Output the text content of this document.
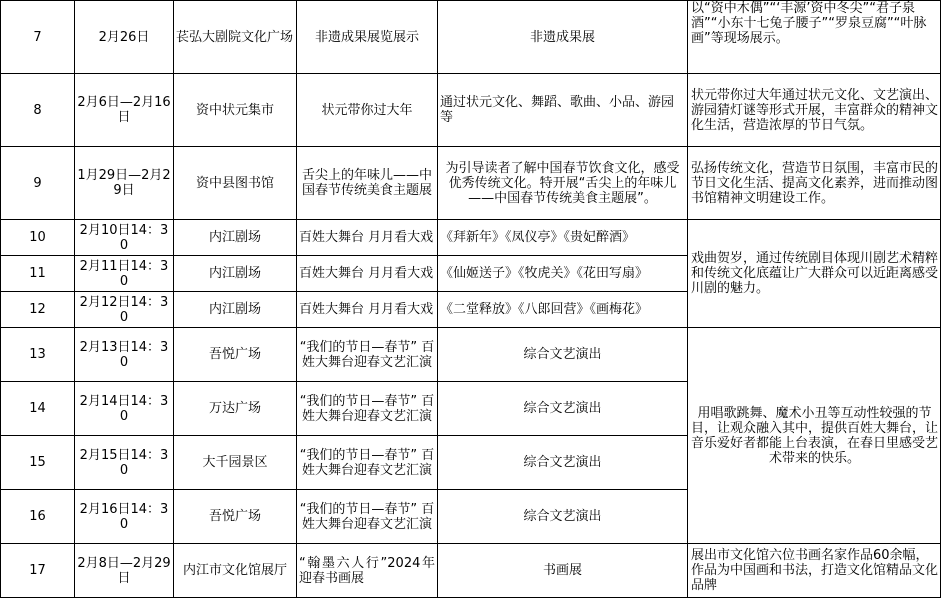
7	2月26日	苌弘大剧院文化广场	非遗成果展览展示	非遗成果展	以“资中木偶”“‘丰源’资中冬尖”“君子泉酒”“小东十七兔子腰子”“罗泉豆腐”“叶脉画”等现场展示。
8	2月6日—2月16日	资中状元集市	状元带你过大年	通过状元文化、舞蹈、歌曲、小品、游园等	状元带你过大年通过状元文化、文艺演出、游园猜灯谜等形式开展，丰富群众的精神文化生活，营造浓厚的节日气氛。
9	1月29日—2月29日	资中县图书馆	舌尖上的年味儿——中国春节传统美食主题展	为引导读者了解中国春节饮食文化，感受优秀传统文化。特开展“舌尖上的年味儿——中国春节传统美食主题展”。	弘扬传统文化，营造节日氛围，丰富市民的节日文化生活、提高文化素养，进而推动图书馆精神文明建设工作。
10	2月10日14：30	内江剧场	百姓大舞台 月月看大戏	《拜新年》《凤仪亭》《贵妃醉酒》	戏曲贺岁，通过传统剧目体现川剧艺术精粹和传统文化底蕴让广大群众可以近距离感受川剧的魅力。
11	2月11日14：30	内江剧场	百姓大舞台 月月看大戏	《仙姬送子》《牧虎关》《花田写扇》	
12	2月12日14：30	内江剧场	百姓大舞台 月月看大戏	《二堂释放》《八郎回营》《画梅花》	
13	2月13日14：30	吾悦广场	“我们的节日—春节” 百姓大舞台迎春文艺汇演	综合文艺演出	用唱歌跳舞、魔术小丑等互动性较强的节目，让观众融入其中，提供百姓大舞台，让音乐爱好者都能上台表演，在春日里感受艺术带来的快乐。
14	2月14日14：30	万达广场	“我们的节日—春节” 百姓大舞台迎春文艺汇演	综合文艺演出	
15	2月15日14：30	大千园景区	“我们的节日—春节” 百姓大舞台迎春文艺汇演	综合文艺演出	
16	2月16日14：30	吾悦广场	“我们的节日—春节” 百姓大舞台迎春文艺汇演	综合文艺演出	
17	2月8日—2月29日	内江市文化馆展厅	“翰墨六人行”2024年迎春书画展	书画展	展出市文化馆六位书画名家作品60余幅，作品为中国画和书法，打造文化馆精品文化品牌
